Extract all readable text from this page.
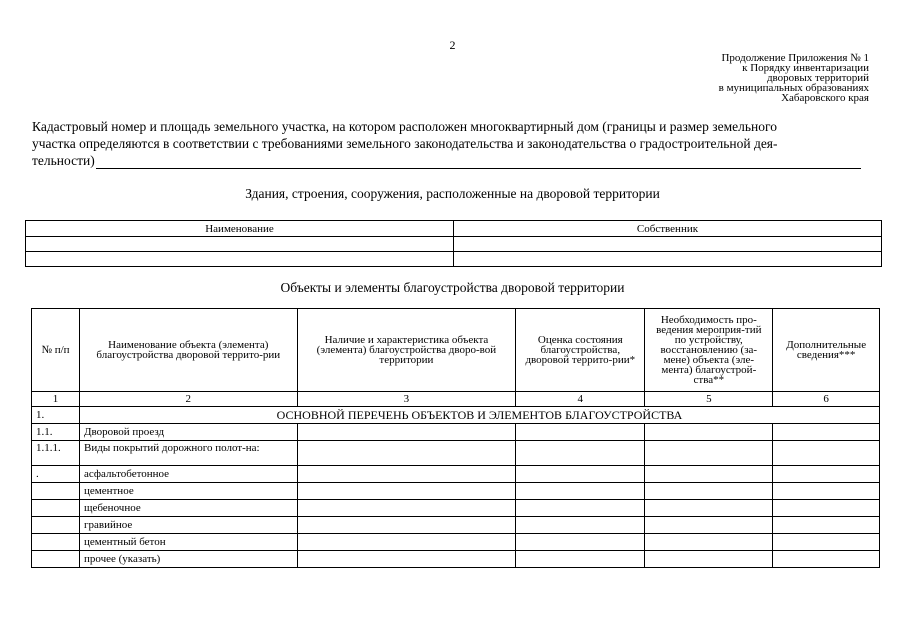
2
Продолжение Приложения № 1
к Порядку инвентаризации
дворовых территорий
в муниципальных образованиях
Хабаровского края
Кадастровый номер и площадь земельного участка, на котором расположен многоквартирный дом (границы и размер земельного
участка определяются в соответствии с требованиями земельного законодательства и законодательства о градостроительной дея-
тельности)
Здания, строения, сооружения, расположенные на дворовой территории
Наименование	Собственник

Объекты и элементы благоустройства дворовой территории
№ п/п	Наименование объекта (элемента) благоустройства дворовой террито-рии	Наличие и характеристика объекта (элемента) благоустройства дворо-вой территории	Оценка состояния благоустройства, дворовой террито-рии*	Необходимость про-ведения мероприя-тий по устройству, восстановлению (за-мене) объекта (эле-мента) благоустрой-ства**	Дополнительные сведения***
1	2	3	4	5	6
1.	ОСНОВНОЙ ПЕРЕЧЕНЬ ОБЪЕКТОВ И ЭЛЕМЕНТОВ БЛАГОУСТРОЙСТВА				
1.1.	Дворовой проезд				
1.1.1.	Виды покрытий дорожного полот-на:				
.	асфальтобетонное				
	цементное				
	щебеночное				
	гравийное				
	цементный бетон				
	прочее (указать)				
